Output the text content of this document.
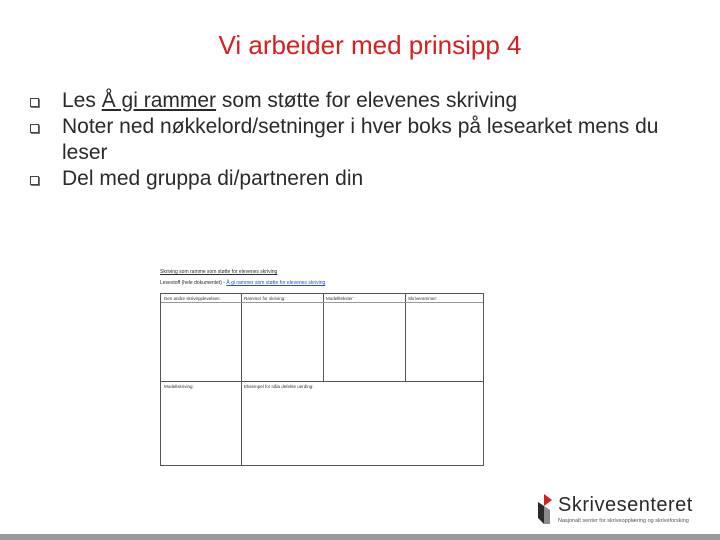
Vi arbeider med prinsipp 4
Les Å gi rammer som støtte for elevenes skriving
Noter ned nøkkelord/setninger i hver boks på lesearket mens du leser
Del med gruppa di/partneren din
Skriving som ramme som støtte for elevenes skriving
Lesestoff (hele dokumentet) - Å gi rammer som støtte for elevenes skriving
Den andre skrivepplevelsen:	Rammer for skriving:	Modelltekster:	Skriverammer:
Modellskriving:	Eksempel for nåla defekte uerding:
Skrivesenteret
Nasjonalt senter for skriveopplæring og skriveforsking
